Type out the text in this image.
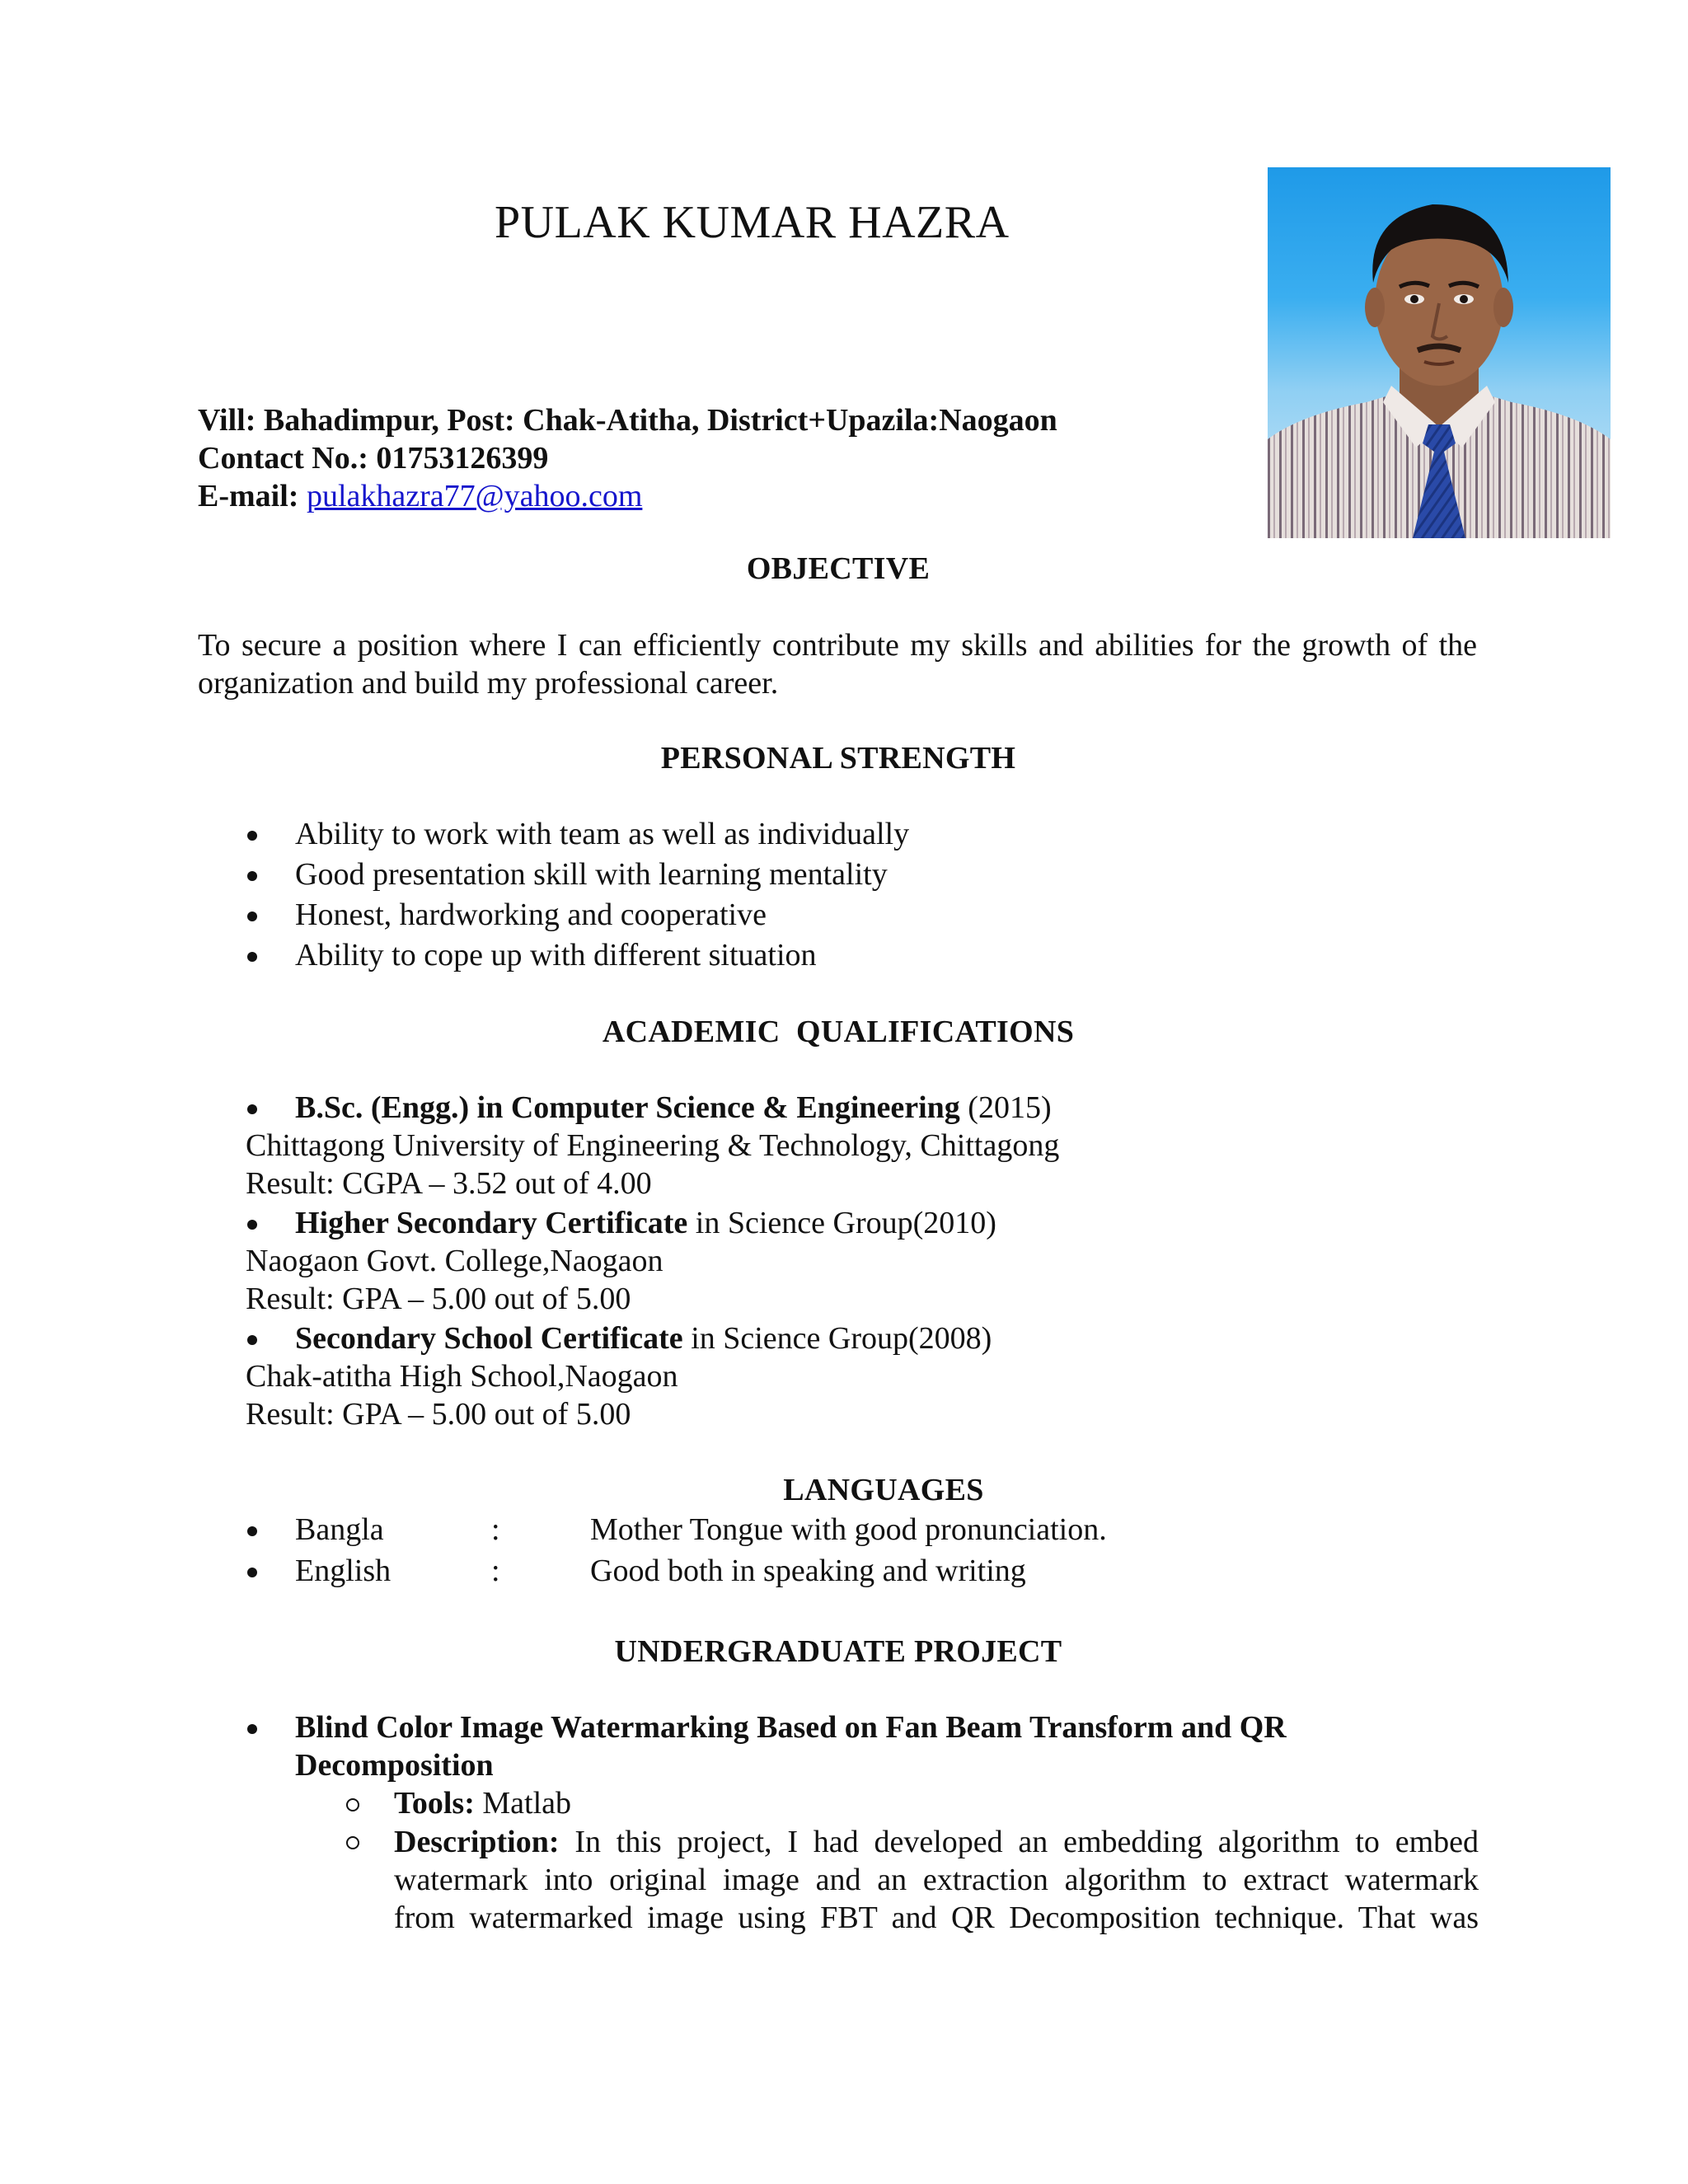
PULAK KUMAR HAZRA
Vill: Bahadimpur, Post: Chak-Atitha, District+Upazila:Naogaon
Contact No.: 01753126399
E-mail: pulakhazra77@yahoo.com
OBJECTIVE
To secure a position where I can efficiently contribute my skills and abilities for the growth of the organization and build my professional career.
PERSONAL STRENGTH
Ability to work with team as well as individually
Good presentation skill with learning mentality
Honest, hardworking and cooperative
Ability to cope up with different situation
ACADEMIC  QUALIFICATIONS
B.Sc. (Engg.) in Computer Science & Engineering (2015)
Chittagong University of Engineering & Technology, Chittagong
Result: CGPA – 3.52 out of 4.00
Higher Secondary Certificate in Science Group(2010)
Naogaon Govt. College,Naogaon
Result: GPA – 5.00 out of 5.00
Secondary School Certificate in Science Group(2008)
Chak-atitha High School,Naogaon
Result: GPA – 5.00 out of 5.00
LANGUAGES
Bangla	:	Mother Tongue with good pronunciation.
English	:	Good both in speaking and writing
UNDERGRADUATE PROJECT
Blind Color Image Watermarking Based on Fan Beam Transform and QR
Decomposition
Tools: Matlab
Description: In this project, I had developed an embedding algorithm to embed
watermark into original image and an extraction algorithm to extract watermark
from watermarked image using FBT and QR Decomposition technique. That was
